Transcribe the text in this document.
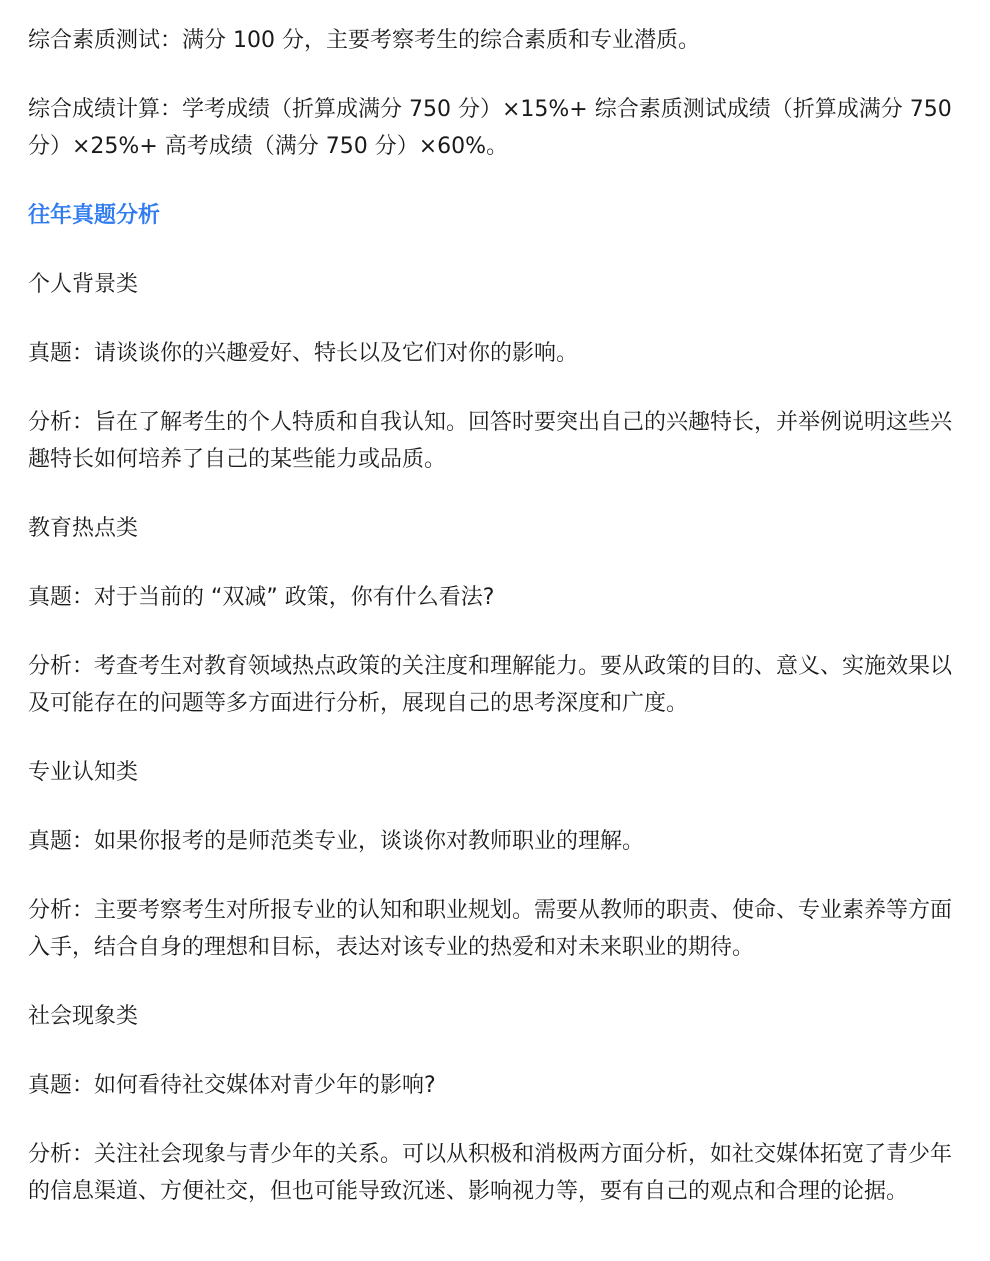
综合素质测试：满分 100 分，主要考察考生的综合素质和专业潜质。

综合成绩计算：学考成绩（折算成满分 750 分）×15%+ 综合素质测试成绩（折算成满分 750 分）×25%+ 高考成绩（满分 750 分）×60%。

往年真题分析

个人背景类

真题：请谈谈你的兴趣爱好、特长以及它们对你的影响。

分析：旨在了解考生的个人特质和自我认知。回答时要突出自己的兴趣特长，并举例说明这些兴趣特长如何培养了自己的某些能力或品质。

教育热点类

真题：对于当前的 “双减” 政策，你有什么看法?

分析：考查考生对教育领域热点政策的关注度和理解能力。要从政策的目的、意义、实施效果以及可能存在的问题等多方面进行分析，展现自己的思考深度和广度。

专业认知类

真题：如果你报考的是师范类专业，谈谈你对教师职业的理解。

分析：主要考察考生对所报专业的认知和职业规划。需要从教师的职责、使命、专业素养等方面入手，结合自身的理想和目标，表达对该专业的热爱和对未来职业的期待。

社会现象类

真题：如何看待社交媒体对青少年的影响?

分析：关注社会现象与青少年的关系。可以从积极和消极两方面分析，如社交媒体拓宽了青少年的信息渠道、方便社交，但也可能导致沉迷、影响视力等，要有自己的观点和合理的论据。
